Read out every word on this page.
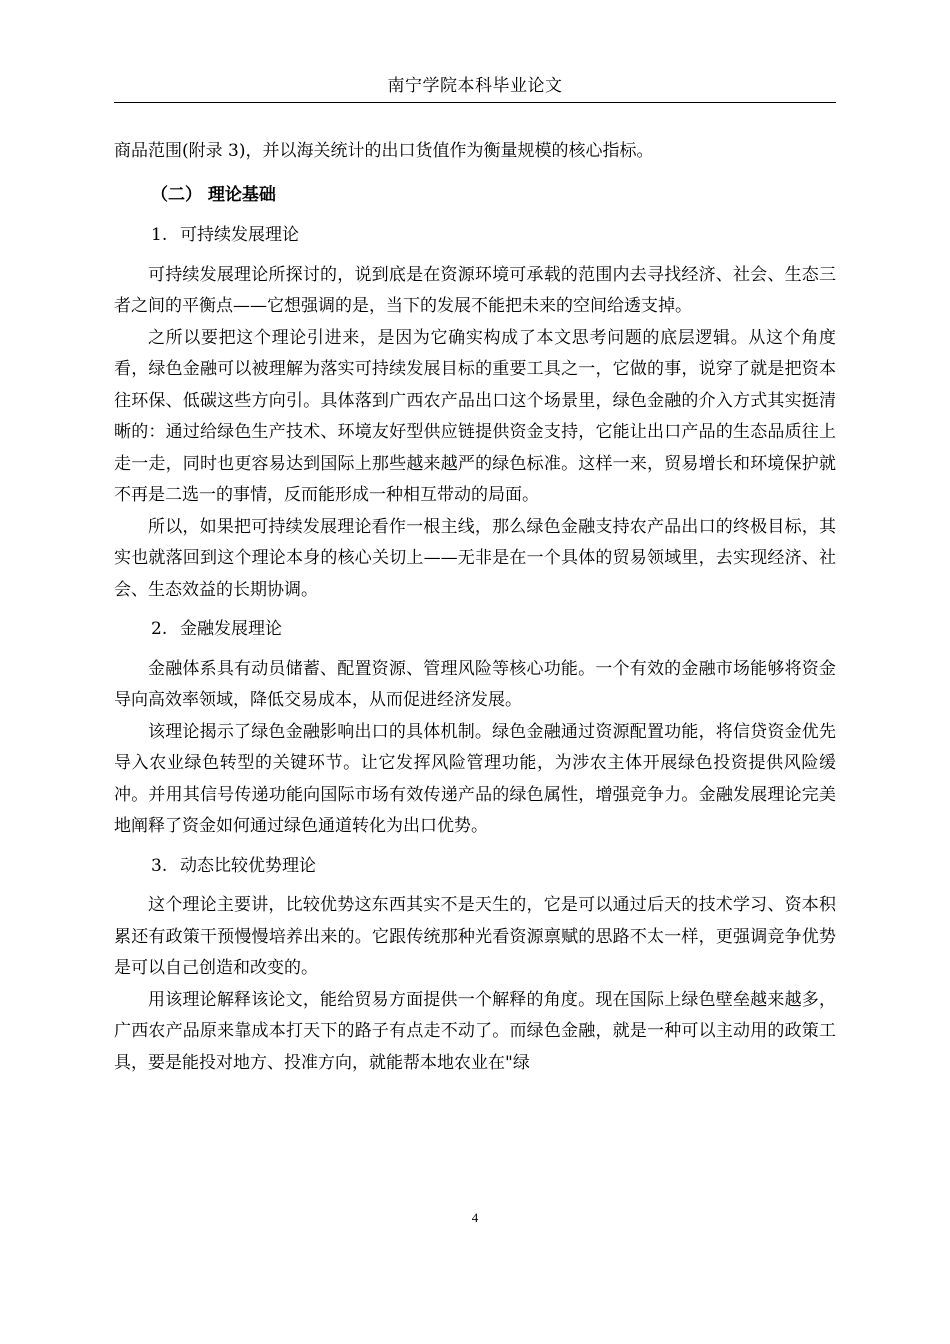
南宁学院本科毕业论文

商品范围(附录 3)，并以海关统计的出口货值作为衡量规模的核心指标。

（二） 理论基础

1. 可持续发展理论

可持续发展理论所探讨的，说到底是在资源环境可承载的范围内去寻找经济、社会、生态三者之间的平衡点——它想强调的是，当下的发展不能把未来的空间给透支掉。

之所以要把这个理论引进来，是因为它确实构成了本文思考问题的底层逻辑。从这个角度看，绿色金融可以被理解为落实可持续发展目标的重要工具之一，它做的事，说穿了就是把资本往环保、低碳这些方向引。具体落到广西农产品出口这个场景里，绿色金融的介入方式其实挺清晰的：通过给绿色生产技术、环境友好型供应链提供资金支持，它能让出口产品的生态品质往上走一走，同时也更容易达到国际上那些越来越严的绿色标准。这样一来，贸易增长和环境保护就不再是二选一的事情，反而能形成一种相互带动的局面。

所以，如果把可持续发展理论看作一根主线，那么绿色金融支持农产品出口的终极目标，其实也就落回到这个理论本身的核心关切上——无非是在一个具体的贸易领域里，去实现经济、社会、生态效益的长期协调。

2. 金融发展理论

金融体系具有动员储蓄、配置资源、管理风险等核心功能。一个有效的金融市场能够将资金导向高效率领域，降低交易成本，从而促进经济发展。

该理论揭示了绿色金融影响出口的具体机制。绿色金融通过资源配置功能，将信贷资金优先导入农业绿色转型的关键环节。让它发挥风险管理功能，为涉农主体开展绿色投资提供风险缓冲。并用其信号传递功能向国际市场有效传递产品的绿色属性，增强竞争力。金融发展理论完美地阐释了资金如何通过绿色通道转化为出口优势。

3. 动态比较优势理论

这个理论主要讲，比较优势这东西其实不是天生的，它是可以通过后天的技术学习、资本积累还有政策干预慢慢培养出来的。它跟传统那种光看资源禀赋的思路不太一样，更强调竞争优势是可以自己创造和改变的。

用该理论解释该论文，能给贸易方面提供一个解释的角度。现在国际上绿色壁垒越来越多，广西农产品原来靠成本打天下的路子有点走不动了。而绿色金融，就是一种可以主动用的政策工具，要是能投对地方、投准方向，就能帮本地农业在"绿

4
